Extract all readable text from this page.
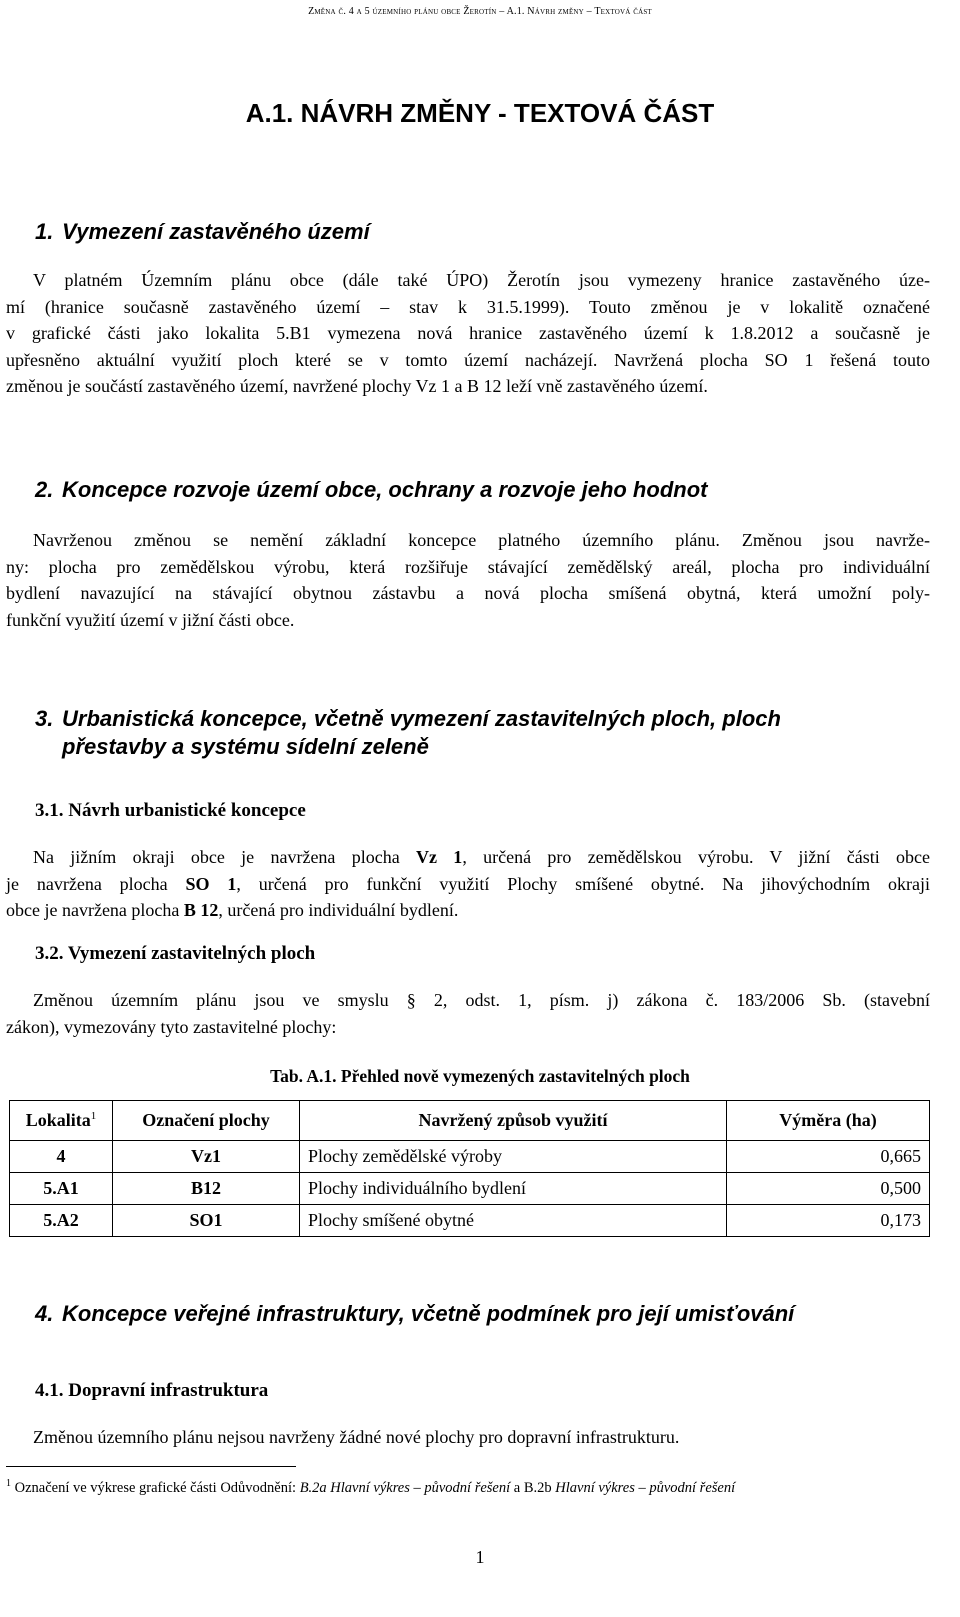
Změna č. 4 a 5 územního plánu obce Žerotín – A.1. Návrh změny – Textová část
A.1. NÁVRH ZMĚNY - TEXTOVÁ ČÁST
1. Vymezení zastavěného území
V platném Územním plánu obce (dále také ÚPO) Žerotín jsou vymezeny hranice zastavěného úze-
mí (hranice současně zastavěného území – stav k 31.5.1999). Touto změnou je v lokalitě označené
v grafické části jako lokalita 5.B1 vymezena nová hranice zastavěného území k 1.8.2012 a současně je
upřesněno aktuální využití ploch které se v tomto území nacházejí. Navržená plocha SO 1 řešená touto
změnou je součástí zastavěného území, navržené plochy Vz 1 a B 12 leží vně zastavěného území.
2. Koncepce rozvoje území obce, ochrany a rozvoje jeho hodnot
Navrženou změnou se nemění základní koncepce platného územního plánu. Změnou jsou navrže-
ny: plocha pro zemědělskou výrobu, která rozšiřuje stávající zemědělský areál, plocha pro individuální
bydlení navazující na stávající obytnou zástavbu a nová plocha smíšená obytná, která umožní poly-
funkční využití území v jižní části obce.
3. Urbanistická koncepce, včetně vymezení zastavitelných ploch, ploch
přestavby a systému sídelní zeleně
3.1. Návrh urbanistické koncepce
Na jižním okraji obce je navržena plocha Vz 1, určená pro zemědělskou výrobu. V jižní části obce
je navržena plocha SO 1, určená pro funkční využití Plochy smíšené obytné. Na jihovýchodním okraji
obce je navržena plocha B 12, určená pro individuální bydlení.
3.2. Vymezení zastavitelných ploch
Změnou územním plánu jsou ve smyslu § 2, odst. 1, písm. j) zákona č. 183/2006 Sb. (stavební
zákon), vymezovány tyto zastavitelné plochy:
Tab. A.1. Přehled nově vymezených zastavitelných ploch
Lokalita$^1$	Označení plochy	Navržený způsob využití	Výměra (ha)
4	Vz1	Plochy zemědělské výroby	0,665
5.A1	B12	Plochy individuálního bydlení	0,500
5.A2	SO1	Plochy smíšené obytné	0,173
4. Koncepce veřejné infrastruktury, včetně podmínek pro její umisťování
4.1. Dopravní infrastruktura
Změnou územního plánu nejsou navrženy žádné nové plochy pro dopravní infrastrukturu.
$^1$ Označení ve výkrese grafické části Odůvodnění: B.2a Hlavní výkres – původní řešení a B.2b Hlavní výkres – původní řešení
1
